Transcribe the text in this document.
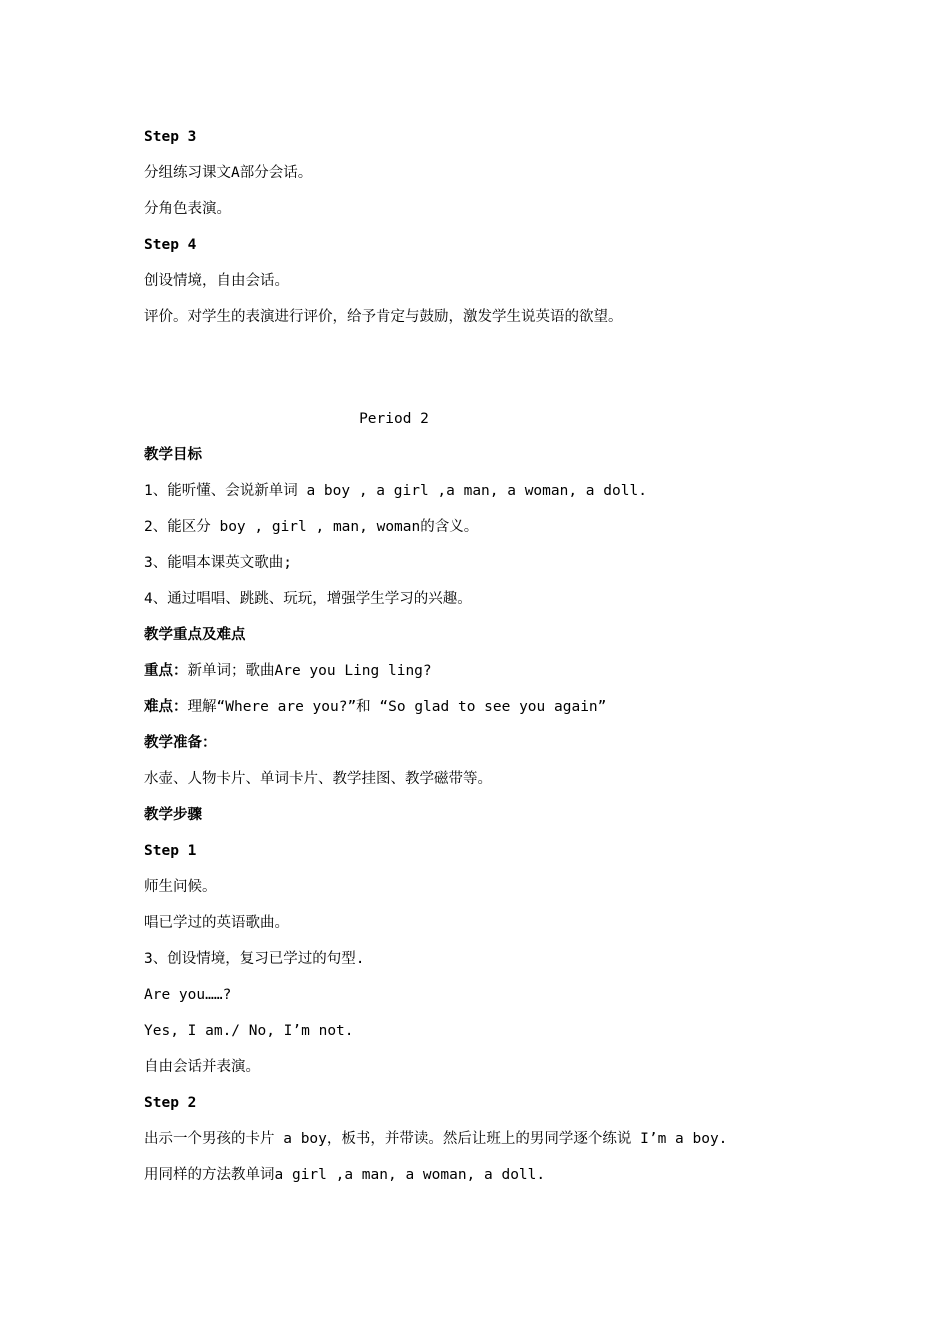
Step 3
分组练习课文A部分会话。
分角色表演。
Step 4
创设情境，自由会话。
评价。对学生的表演进行评价，给予肯定与鼓励，激发学生说英语的欲望。
Period 2
教学目标
1、能听懂、会说新单词 a boy , a girl ,a man, a woman, a doll.
2、能区分 boy , girl , man, woman的含义。
3、能唱本课英文歌曲;
4、通过唱唱、跳跳、玩玩，增强学生学习的兴趣。
教学重点及难点
重点：新单词；歌曲Are you Ling ling?
难点：理解“Where are you?”和 “So glad to see you again”
教学准备：
水壶、人物卡片、单词卡片、教学挂图、教学磁带等。
教学步骤
Step 1
师生问候。
唱已学过的英语歌曲。
3、创设情境，复习已学过的句型.
Are you……?
Yes, I am./ No, I’m not.
自由会话并表演。
Step 2
出示一个男孩的卡片 a boy，板书，并带读。然后让班上的男同学逐个练说 I’m a boy.
用同样的方法教单词a girl ,a man, a woman, a doll.
